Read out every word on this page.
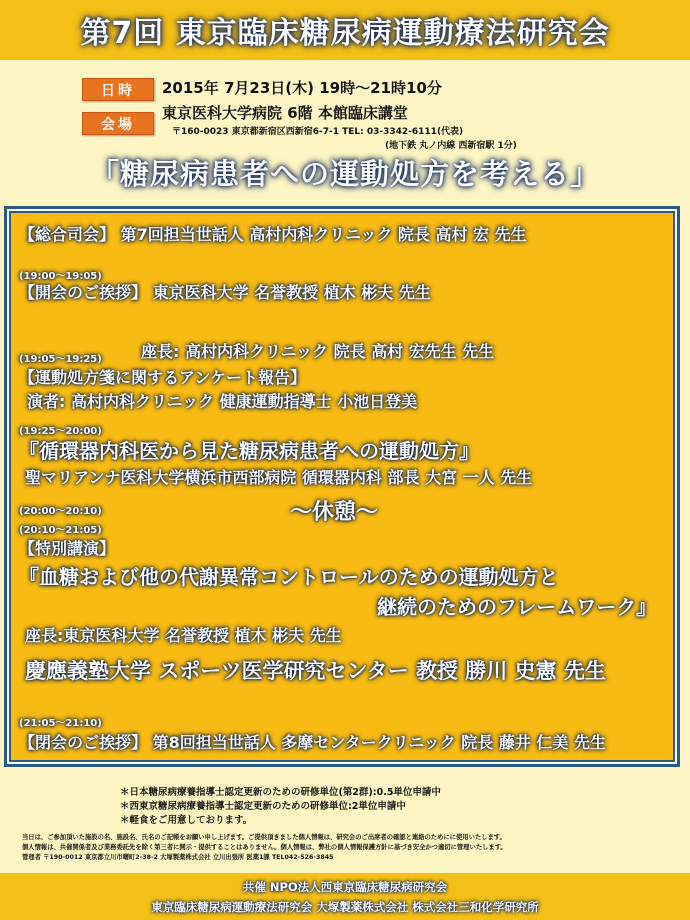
第7回 東京臨床糖尿病運動療法研究会
日時	2015年 7月23日(木) 19時～21時10分
会場
東京医科大学病院 6階 本館臨床講堂
〒160-0023 東京都新宿区西新宿6-7-1 TEL: 03-3342-6111(代表)
(地下鉄 丸ノ内線 西新宿駅 1分)
「糖尿病患者への運動処方を考える」
【総合司会】 第7回担当世話人 高村内科クリニック 院長 高村 宏 先生
(19:00～19:05)
【開会のご挨拶】 東京医科大学 名誉教授 植木 彬夫 先生
座長: 高村内科クリニック 院長 高村 宏先生 先生
(19:05～19:25)
【運動処方箋に関するアンケート報告】
演者: 高村内科クリニック 健康運動指導士 小池日登美
(19:25～20:00)
『循環器内科医から見た糖尿病患者への運動処方』
聖マリアンナ医科大学横浜市西部病院 循環器内科 部長 大宮 一人 先生
(20:00～20:10)	～休憩～
(20:10～21:05)
【特別講演】
『血糖および他の代謝異常コントロールのための運動処方と
継続のためのフレームワーク』
座長:東京医科大学 名誉教授 植木 彬夫 先生
慶應義塾大学 スポーツ医学研究センター 教授 勝川 史憲 先生
(21:05～21:10)
【閉会のご挨拶】 第8回担当世話人 多摩センタークリニック 院長 藤井 仁美 先生
＊日本糖尿病療養指導士認定更新のための研修単位(第2群):0.5単位申請中
＊西東京糖尿病療養指導士認定更新のための研修単位:2単位申請中
＊軽食をご用意しております。
当日は、ご参加頂いた施設の名、施設名、氏名のご記帳をお願い申し上げます。ご提供頂きました個人情報は、研究会のご出席者の確認と連絡のためにに使用いたします。
個人情報は、共催関係者及び業務委託先を除く第三者に開示・提供することはありません。個人情報は、弊社の個人情報保護方針に基づき安全かつ適切に管理いたします。
管理者 〒190-0012 東京都立川市曙町2-38-2 大塚製薬株式会社 立川出張所 医薬1課 TEL042-526-3845
共催 NPO法人西東京臨床糖尿病研究会
東京臨床糖尿病運動療法研究会 大塚製薬株式会社 株式会社三和化学研究所
